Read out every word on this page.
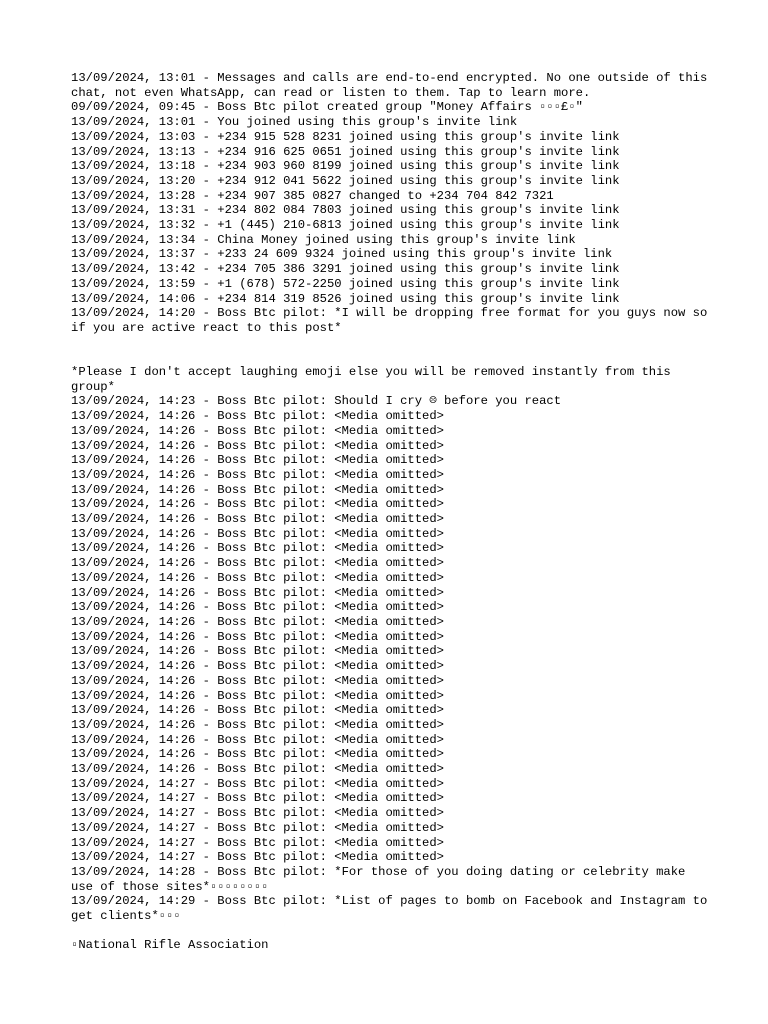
13/09/2024, 13:01 - Messages and calls are end-to-end encrypted. No one outside of this chat, not even WhatsApp, can read or listen to them. Tap to learn more.
09/09/2024, 09:45 - Boss Btc pilot created group "Money Affairs ▫▫▫£▫"
13/09/2024, 13:01 - You joined using this group's invite link
13/09/2024, 13:03 - +234 915 528 8231 joined using this group's invite link
13/09/2024, 13:13 - +234 916 625 0651 joined using this group's invite link
13/09/2024, 13:18 - +234 903 960 8199 joined using this group's invite link
13/09/2024, 13:20 - +234 912 041 5622 joined using this group's invite link
13/09/2024, 13:28 - +234 907 385 0827 changed to +234 704 842 7321
13/09/2024, 13:31 - +234 802 084 7803 joined using this group's invite link
13/09/2024, 13:32 - +1 (445) 210-6813 joined using this group's invite link
13/09/2024, 13:34 - China Money joined using this group's invite link
13/09/2024, 13:37 - +233 24 609 9324 joined using this group's invite link
13/09/2024, 13:42 - +234 705 386 3291 joined using this group's invite link
13/09/2024, 13:59 - +1 (678) 572-2250 joined using this group's invite link
13/09/2024, 14:06 - +234 814 319 8526 joined using this group's invite link
13/09/2024, 14:20 - Boss Btc pilot: *I will be dropping free format for you guys now so if you are active react to this post*
*Please I don't accept laughing emoji else you will be removed instantly from this group*
13/09/2024, 14:23 - Boss Btc pilot: Should I cry ☹ before you react
13/09/2024, 14:26 - Boss Btc pilot: <Media omitted>
13/09/2024, 14:26 - Boss Btc pilot: <Media omitted>
13/09/2024, 14:26 - Boss Btc pilot: <Media omitted>
13/09/2024, 14:26 - Boss Btc pilot: <Media omitted>
13/09/2024, 14:26 - Boss Btc pilot: <Media omitted>
13/09/2024, 14:26 - Boss Btc pilot: <Media omitted>
13/09/2024, 14:26 - Boss Btc pilot: <Media omitted>
13/09/2024, 14:26 - Boss Btc pilot: <Media omitted>
13/09/2024, 14:26 - Boss Btc pilot: <Media omitted>
13/09/2024, 14:26 - Boss Btc pilot: <Media omitted>
13/09/2024, 14:26 - Boss Btc pilot: <Media omitted>
13/09/2024, 14:26 - Boss Btc pilot: <Media omitted>
13/09/2024, 14:26 - Boss Btc pilot: <Media omitted>
13/09/2024, 14:26 - Boss Btc pilot: <Media omitted>
13/09/2024, 14:26 - Boss Btc pilot: <Media omitted>
13/09/2024, 14:26 - Boss Btc pilot: <Media omitted>
13/09/2024, 14:26 - Boss Btc pilot: <Media omitted>
13/09/2024, 14:26 - Boss Btc pilot: <Media omitted>
13/09/2024, 14:26 - Boss Btc pilot: <Media omitted>
13/09/2024, 14:26 - Boss Btc pilot: <Media omitted>
13/09/2024, 14:26 - Boss Btc pilot: <Media omitted>
13/09/2024, 14:26 - Boss Btc pilot: <Media omitted>
13/09/2024, 14:26 - Boss Btc pilot: <Media omitted>
13/09/2024, 14:26 - Boss Btc pilot: <Media omitted>
13/09/2024, 14:26 - Boss Btc pilot: <Media omitted>
13/09/2024, 14:27 - Boss Btc pilot: <Media omitted>
13/09/2024, 14:27 - Boss Btc pilot: <Media omitted>
13/09/2024, 14:27 - Boss Btc pilot: <Media omitted>
13/09/2024, 14:27 - Boss Btc pilot: <Media omitted>
13/09/2024, 14:27 - Boss Btc pilot: <Media omitted>
13/09/2024, 14:27 - Boss Btc pilot: <Media omitted>
13/09/2024, 14:28 - Boss Btc pilot: *For those of you doing dating or celebrity make use of those sites*▫▫▫▫▫▫▫▫
13/09/2024, 14:29 - Boss Btc pilot: *List of pages to bomb on Facebook and Instagram to get clients*▫▫▫
▫National Rifle Association
